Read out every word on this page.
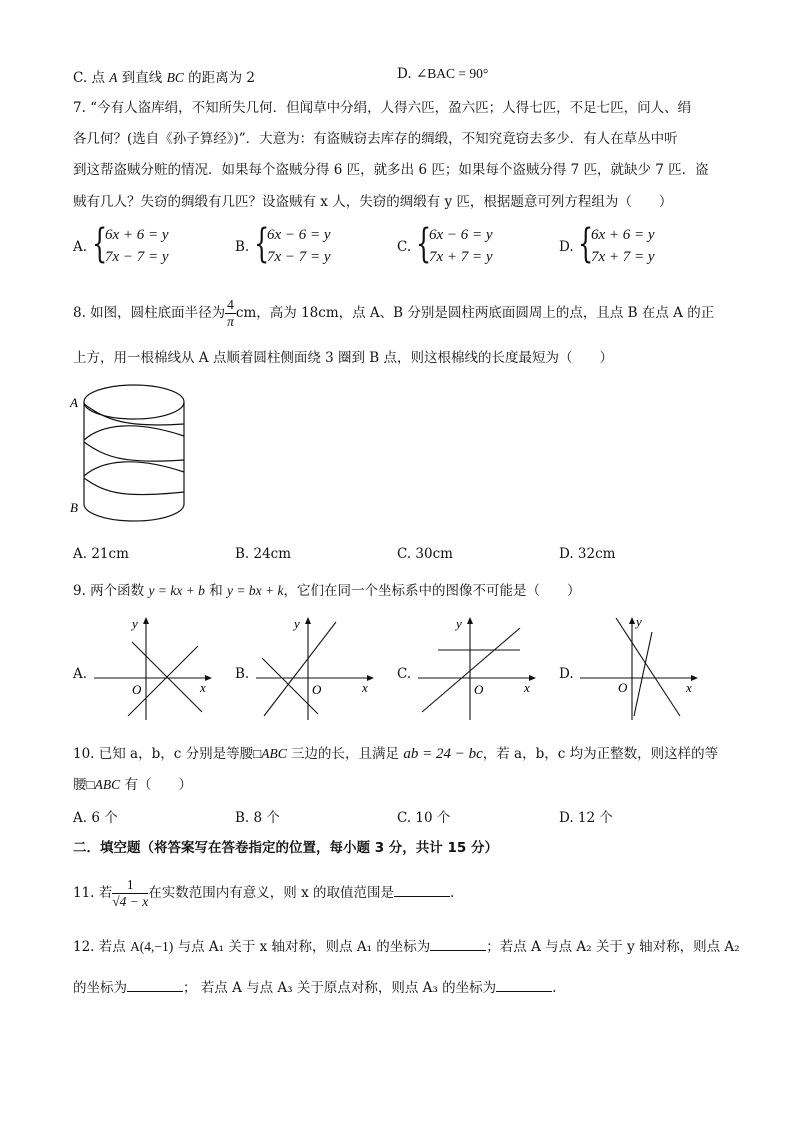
C. 点 A 到直线 BC 的距离为 2	D. ∠BAC = 90°
7. “今有人盗库绢，不知所失几何．但闻草中分绢，人得六匹，盈六匹；人得七匹，不足七匹，问人、绢
各几何？(选自《孙子算经》)”．大意为：有盗贼窃去库存的绸缎，不知究竟窃去多少．有人在草丛中听
到这帮盗贼分赃的情况．如果每个盗贼分得 6 匹，就多出 6 匹；如果每个盗贼分得 7 匹，就缺少 7 匹．盗
贼有几人？失窃的绸缎有几匹？设盗贼有 x 人，失窃的绸缎有 y 匹，根据题意可列方程组为（　　）
A. {
6x + 6 = y
7x − 7 = y
B. {
6x − 6 = y
7x − 7 = y
C. {
6x − 6 = y
7x + 7 = y
D. {
6x + 6 = y
7x + 7 = y
8. 如图，圆柱底面半径为 $\frac{4}{\pi}$ cm，高为 18cm，点 A、B 分别是圆柱两底面圆周上的点，且点 B 在点 A 的正
上方，用一根棉线从 A 点顺着圆柱侧面绕 3 圈到 B 点，则这根棉线的长度最短为（　　）
A
B
A. 21cm	B. 24cm	C. 30cm	D. 32cm
9. 两个函数 y = kx + b 和 y = bx + k，它们在同一个坐标系中的图像不可能是（　　）
A.
O	x
y
B.
O	x
y
C.
O	x
y
D.
O	x
y
10. 已知 a，b，c 分别是等腰□ABC 三边的长，且满足 ab = 24 − bc，若 a，b，c 均为正整数，则这样的等
腰□ABC 有（　　）
A. 6 个	B. 8 个	C. 10 个	D. 12 个
二．填空题（将答案写在答卷指定的位置，每小题 3 分，共计 15 分）
11. 若 $\frac{1}{√4 - x}$ 在实数范围内有意义，则 x 的取值范围是	.
12. 若点 A(4,−1) 与点 A₁ 关于 x 轴对称，则点 A₁ 的坐标为	；若点 A 与点 A₂ 关于 y 轴对称，则点 A₂
的坐标为	； 若点 A 与点 A₃ 关于原点对称，则点 A₃ 的坐标为	.
